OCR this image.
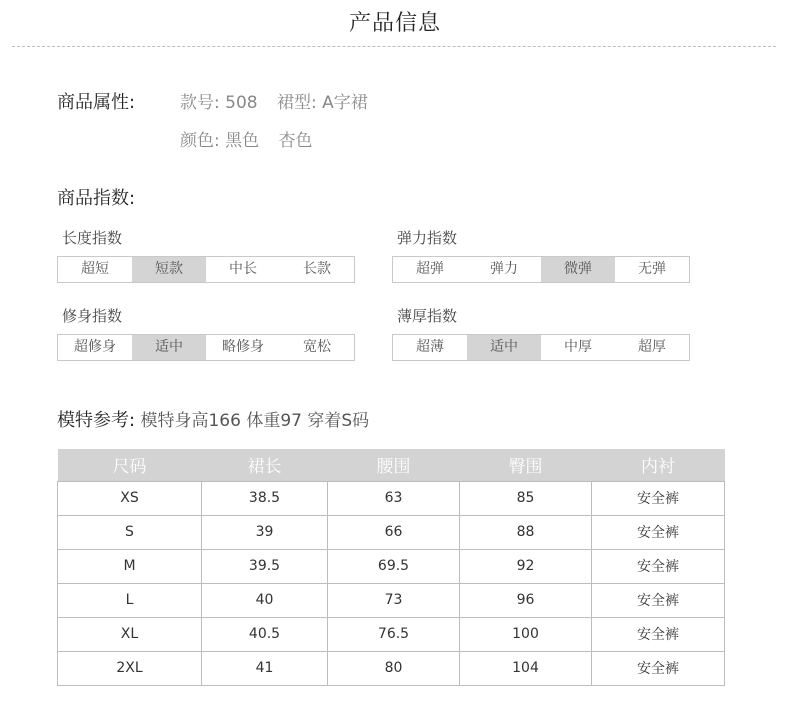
产品信息
商品属性:	款号: 508 裙型: A字裙
颜色: 黑色 杏色
商品指数:
长度指数
超短	短款	中长	长款
弹力指数
超弹	弹力	微弹	无弹
修身指数
超修身	适中	略修身	宽松
薄厚指数
超薄	适中	中厚	超厚
模特参考: 模特身高166 体重97 穿着S码
尺码	裙长	腰围	臀围	内衬
XS	38.5	63	85	安全裤
S	39	66	88	安全裤
M	39.5	69.5	92	安全裤
L	40	73	96	安全裤
XL	40.5	76.5	100	安全裤
2XL	41	80	104	安全裤
